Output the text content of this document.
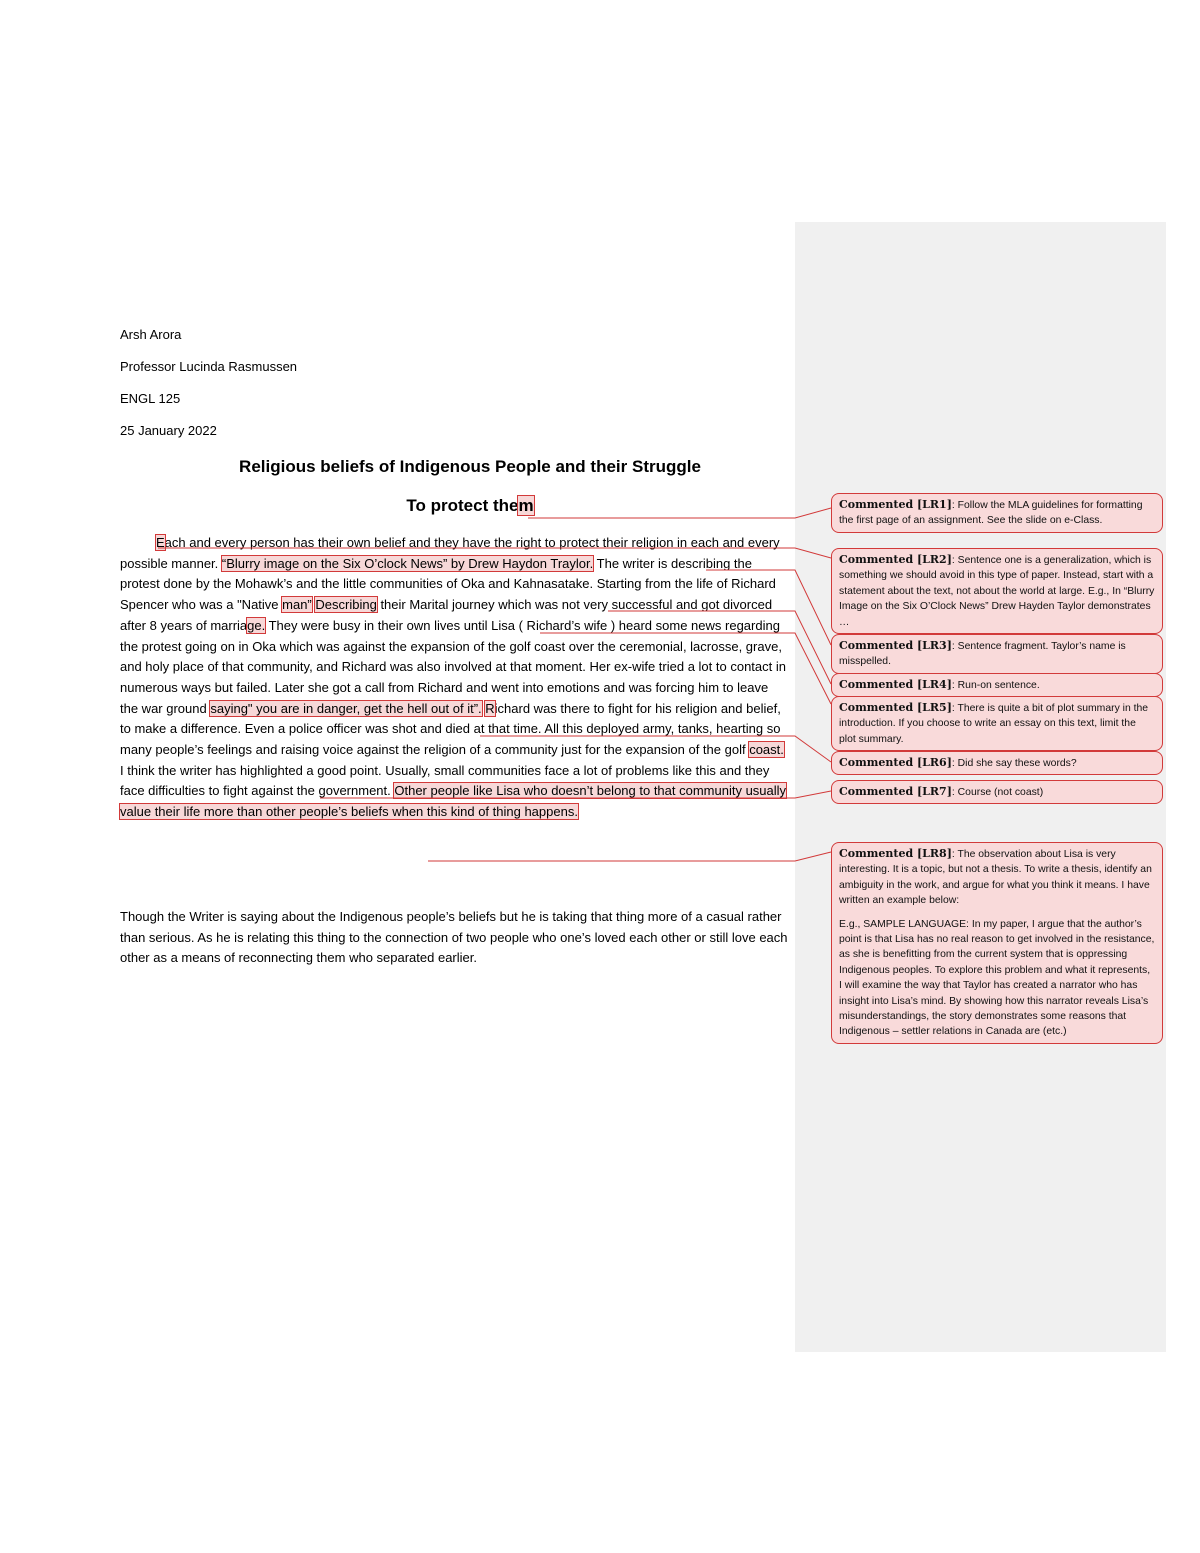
Arsh Arora
Professor Lucinda Rasmussen
ENGL 125
25 January 2022
Religious beliefs of Indigenous People and their Struggle
To protect them

Each and every person has their own belief and they have the right to protect their religion in each and every possible manner. “Blurry image on the Six O’clock News” by Drew Haydon Traylor. The writer is describing the protest done by the Mohawk’s and the little communities of Oka and Kahnasatake. Starting from the life of Richard Spencer who was a "Native man” Describing their Marital journey which was not very successful and got divorced after 8 years of marriage. They were busy in their own lives until Lisa ( Richard’s wife ) heard some news regarding the protest going on in Oka which was against the expansion of the golf coast over the ceremonial, lacrosse, grave, and holy place of that community, and Richard was also involved at that moment. Her ex-wife tried a lot to contact in numerous ways but failed. Later she got a call from Richard and went into emotions and was forcing him to leave the war ground saying" you are in danger, get the hell out of it”. Richard was there to fight for his religion and belief, to make a difference. Even a police officer was shot and died at that time. All this deployed army, tanks, hearting so many people’s feelings and raising voice against the religion of a community just for the expansion of the golf coast. I think the writer has highlighted a good point. Usually, small communities face a lot of problems like this and they face difficulties to fight against the government. Other people like Lisa who doesn’t belong to that community usually value their life more than other people’s beliefs when this kind of thing happens.

Though the Writer is saying about the Indigenous people’s beliefs but he is taking that thing more of a casual rather than serious. As he is relating this thing to the connection of two people who one’s loved each other or still love each other as a means of reconnecting them who separated earlier.

Commented [LR1]: Follow the MLA guidelines for formatting the first page of an assignment. See the slide on e-Class.
Commented [LR2]: Sentence one is a generalization, which is something we should avoid in this type of paper. Instead, start with a statement about the text, not about the world at large. E.g., In “Blurry Image on the Six O’Clock News” Drew Hayden Taylor demonstrates …
Commented [LR3]: Sentence fragment. Taylor’s name is misspelled.
Commented [LR4]: Run-on sentence.
Commented [LR5]: There is quite a bit of plot summary in the introduction. If you choose to write an essay on this text, limit the plot summary.
Commented [LR6]: Did she say these words?
Commented [LR7]: Course (not coast)
Commented [LR8]: The observation about Lisa is very interesting. It is a topic, but not a thesis. To write a thesis, identify an ambiguity in the work, and argue for what you think it means. I have written an example below:
E.g., SAMPLE LANGUAGE: In my paper, I argue that the author’s point is that Lisa has no real reason to get involved in the resistance, as she is benefitting from the current system that is oppressing Indigenous peoples. To explore this problem and what it represents, I will examine the way that Taylor has created a narrator who has insight into Lisa’s mind. By showing how this narrator reveals Lisa’s misunderstandings, the story demonstrates some reasons that Indigenous – settler relations in Canada are (etc.)
